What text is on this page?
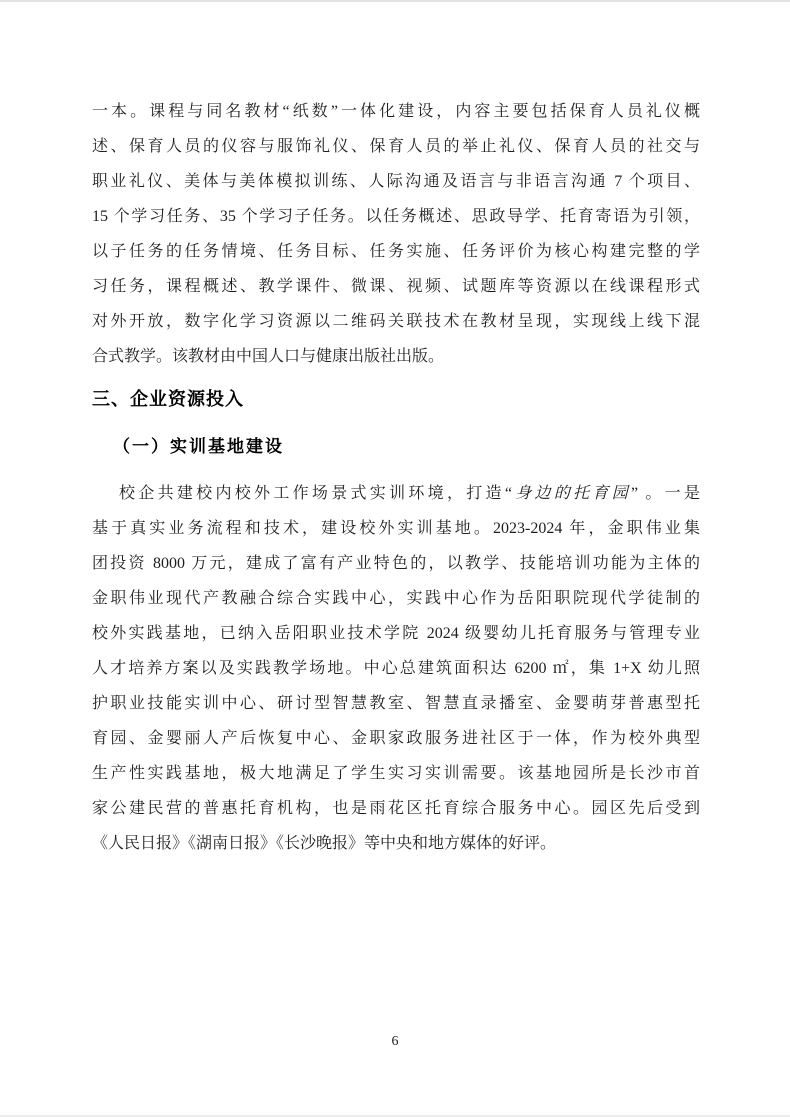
一本。课程与同名教材“纸数”一体化建设，内容主要包括保育人员礼仪概
述、保育人员的仪容与服饰礼仪、保育人员的举止礼仪、保育人员的社交与
职业礼仪、美体与美体模拟训练、人际沟通及语言与非语言沟通 7 个项目、
15 个学习任务、35 个学习子任务。以任务概述、思政导学、托育寄语为引领，
以子任务的任务情境、任务目标、任务实施、任务评价为核心构建完整的学
习任务，课程概述、教学课件、微课、视频、试题库等资源以在线课程形式
对外开放，数字化学习资源以二维码关联技术在教材呈现，实现线上线下混
合式教学。该教材由中国人口与健康出版社出版。
三、企业资源投入
（一）实训基地建设
校企共建校内校外工作场景式实训环境，打造“身边的托育园” 。一是
基于真实业务流程和技术，建设校外实训基地。2023-2024 年，金职伟业集
团投资 8000 万元，建成了富有产业特色的，以教学、技能培训功能为主体的
金职伟业现代产教融合综合实践中心，实践中心作为岳阳职院现代学徒制的
校外实践基地，已纳入岳阳职业技术学院 2024 级婴幼儿托育服务与管理专业
人才培养方案以及实践教学场地。中心总建筑面积达 6200 ㎡，集 1+X 幼儿照
护职业技能实训中心、研讨型智慧教室、智慧直录播室、金婴萌芽普惠型托
育园、金婴丽人产后恢复中心、金职家政服务进社区于一体，作为校外典型
生产性实践基地，极大地满足了学生实习实训需要。该基地园所是长沙市首
家公建民营的普惠托育机构，也是雨花区托育综合服务中心。园区先后受到
《人民日报》《湖南日报》《长沙晚报》等中央和地方媒体的好评。
6
